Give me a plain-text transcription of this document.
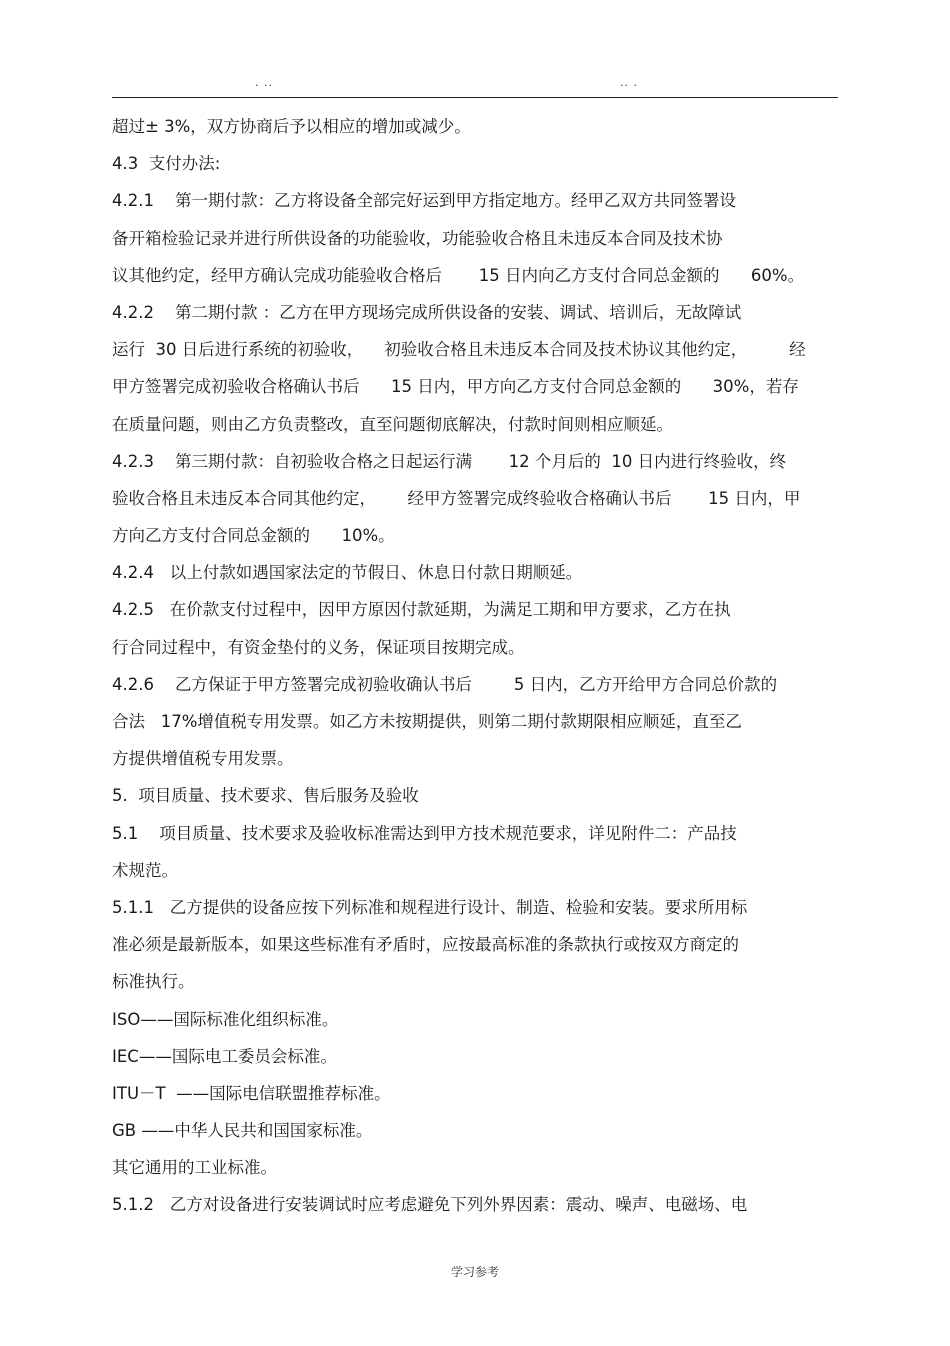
. ..	.. .
超过± 3%，双方协商后予以相应的增加或减少。
4.3  支付办法:
4.2.1    第一期付款：乙方将设备全部完好运到甲方指定地方。经甲乙双方共同签署设
备开箱检验记录并进行所供设备的功能验收，功能验收合格且未违反本合同及技术协
议其他约定，经甲方确认完成功能验收合格后       15 日内向乙方支付合同总金额的      60%。
4.2.2    第二期付款 ：乙方在甲方现场完成所供设备的安装、调试、培训后，无故障试
运行  30 日后进行系统的初验收，    初验收合格且未违反本合同及技术协议其他约定，        经
甲方签署完成初验收合格确认书后      15 日内，甲方向乙方支付合同总金额的      30%，若存
在质量问题，则由乙方负责整改，直至问题彻底解决，付款时间则相应顺延。
4.2.3    第三期付款：自初验收合格之日起运行满       12 个月后的  10 日内进行终验收，终
验收合格且未违反本合同其他约定，      经甲方签署完成终验收合格确认书后       15 日内，甲
方向乙方支付合同总金额的      10%。
4.2.4   以上付款如遇国家法定的节假日、休息日付款日期顺延。
4.2.5   在价款支付过程中，因甲方原因付款延期，为满足工期和甲方要求，乙方在执
行合同过程中，有资金垫付的义务，保证项目按期完成。
4.2.6    乙方保证于甲方签署完成初验收确认书后        5 日内，乙方开给甲方合同总价款的
合法   17%增值税专用发票。如乙方未按期提供，则第二期付款期限相应顺延，直至乙
方提供增值税专用发票。
5.  项目质量、技术要求、售后服务及验收
5.1    项目质量、技术要求及验收标准需达到甲方技术规范要求，详见附件二：产品技
术规范。
5.1.1   乙方提供的设备应按下列标准和规程进行设计、制造、检验和安装。要求所用标
准必须是最新版本，如果这些标准有矛盾时，应按最高标准的条款执行或按双方商定的
标准执行。
ISO——国际标准化组织标准。
IEC——国际电工委员会标准。
ITU－T  ——国际电信联盟推荐标准。
GB ——中华人民共和国国家标准。
其它通用的工业标准。
5.1.2   乙方对设备进行安装调试时应考虑避免下列外界因素：震动、噪声、电磁场、电
学习参考
